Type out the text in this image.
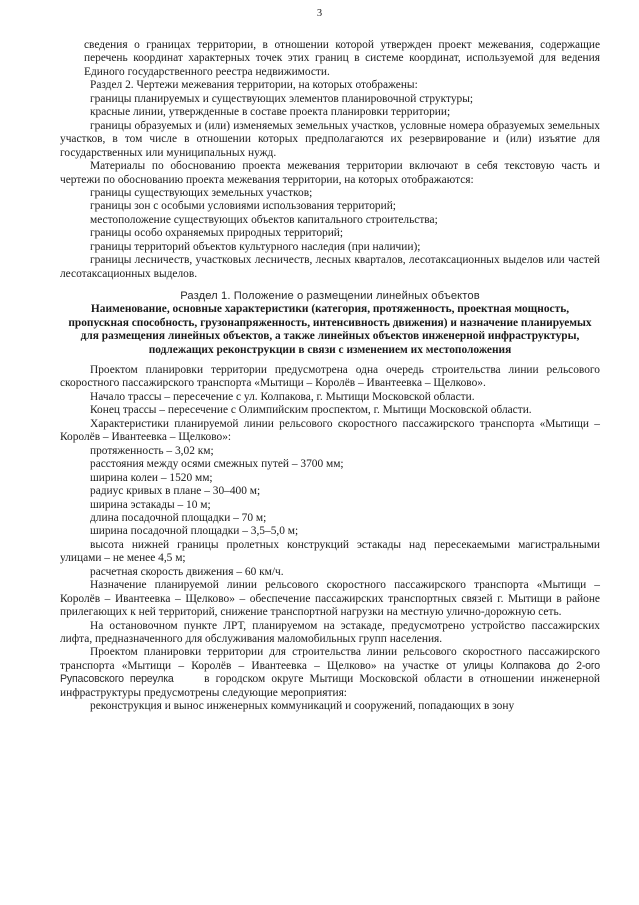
3

сведения о границах территории, в отношении которой утвержден проект межевания, содержащие перечень координат характерных точек этих границ в системе координат, используемой для ведения Единого государственного реестра недвижимости.

Раздел 2. Чертежи межевания территории, на которых отображены:

границы планируемых и существующих элементов планировочной структуры;

красные линии, утвержденные в составе проекта планировки территории;

границы образуемых и (или) изменяемых земельных участков, условные номера образуемых земельных участков, в том числе в отношении которых предполагаются их резервирование и (или) изъятие для государственных или муниципальных нужд.

Материалы по обоснованию проекта межевания территории включают в себя текстовую часть и чертежи по обоснованию проекта межевания территории, на которых отображаются:

границы существующих земельных участков;

границы зон с особыми условиями использования территорий;

местоположение существующих объектов капитального строительства;

границы особо охраняемых природных территорий;

границы территорий объектов культурного наследия (при наличии);

границы лесничеств, участковых лесничеств, лесных кварталов, лесотаксационных выделов или частей лесотаксационных выделов.

Раздел 1. Положение о размещении линейных объектов
Наименование, основные характеристики (категория, протяженность, проектная мощность, пропускная способность, грузонапряженность, интенсивность движения) и назначение планируемых для размещения линейных объектов, а также линейных объектов инженерной инфраструктуры, подлежащих реконструкции в связи с изменением их местоположения

Проектом планировки территории предусмотрена одна очередь строительства линии рельсового скоростного пассажирского транспорта «Мытищи – Королёв – Ивантеевка – Щелково».

Начало трассы – пересечение с ул. Колпакова, г. Мытищи Московской области.

Конец трассы – пересечение с Олимпийским проспектом, г. Мытищи Московской области.

Характеристики планируемой линии рельсового скоростного пассажирского транспорта «Мытищи – Королёв – Ивантеевка – Щелково»:

протяженность – 3,02 км;

расстояния между осями смежных путей – 3700 мм;

ширина колеи – 1520 мм;

радиус кривых в плане – 30–400 м;

ширина эстакады – 10 м;

длина посадочной площадки – 70 м;

ширина посадочной площадки – 3,5–5,0 м;

высота нижней границы пролетных конструкций эстакады над пересекаемыми магистральными улицами – не менее 4,5 м;

расчетная скорость движения – 60 км/ч.

Назначение планируемой линии рельсового скоростного пассажирского транспорта «Мытищи – Королёв – Ивантеевка – Щелково» – обеспечение пассажирских транспортных связей г. Мытищи в районе прилегающих к ней территорий, снижение транспортной нагрузки на местную улично-дорожную сеть.

На остановочном пункте ЛРТ, планируемом на эстакаде, предусмотрено устройство пассажирских лифта, предназначенного для обслуживания маломобильных групп населения.

Проектом планировки территории для строительства линии рельсового скоростного пассажирского транспорта «Мытищи – Королёв – Ивантеевка – Щелково» на участке от улицы Колпакова до 2-ого Рупасовского переулка	в городском округе Мытищи Московской области в отношении инженерной инфраструктуры предусмотрены следующие мероприятия:

реконструкция и вынос инженерных коммуникаций и сооружений, попадающих в зону
